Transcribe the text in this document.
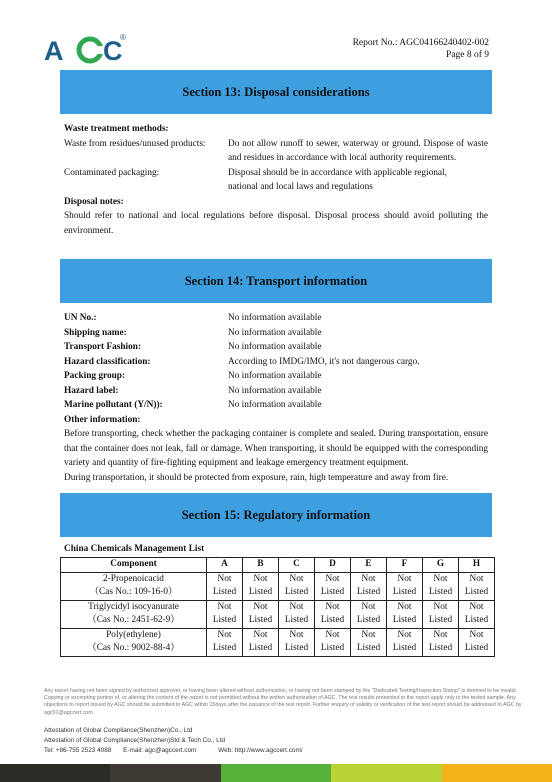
A C
®
Report No.: AGC04166240402-002
Page 8 of 9
Section 13: Disposal considerations
Waste treatment methods:
Waste from residues/unused products:	Do not allow runoff to sewer, waterway or ground. Dispose of waste and residues in accordance with local authority requirements.
Contaminated packaging:	Disposal should be in accordance with applicable regional,
national and local laws and regulations
Disposal notes:
Should refer to national and local regulations before disposal. Disposal process should avoid polluting the environment.
Section 14: Transport information
UN No.:	No information available
Shipping name:	No information available
Transport Fashion:	No information available
Hazard classification:	According to IMDG/IMO, it's not dangerous cargo.
Packing group:	No information available
Hazard label:	No information available
Marine pollutant (Y/N)):	No information available
Other information:
Before transporting, check whether the packaging container is complete and sealed. During transportation, ensure that the container does not leak, fall or damage. When transporting, it should be equipped with the corresponding variety and quantity of fire-fighting equipment and leakage emergency treatment equipment.
During transportation, it should be protected from exposure, rain, high temperature and away from fire.
Section 15: Regulatory information
China Chemicals Management List
Component	A	B	C	D	E	F	G	H
2-Propenoicacid	Not	Not	Not	Not	Not	Not	Not	Not
（Cas No.: 109-16-0）	Listed	Listed	Listed	Listed	Listed	Listed	Listed	Listed
Triglycidyl isocyanurate	Not	Not	Not	Not	Not	Not	Not	Not
（Cas No.: 2451-62-9）	Listed	Listed	Listed	Listed	Listed	Listed	Listed	Listed
Poly(ethylene)	Not	Not	Not	Not	Not	Not	Not	Not
（Cas No.: 9002-88-4）	Listed	Listed	Listed	Listed	Listed	Listed	Listed	Listed
Any report having not been signed by authorized approver, or having been altered without authorization, or having not been stamped by the "Dedicated Testing/Inspection Stamp" is deemed to be invalid. Copying or excerpting portion of, or altering the content of the report is not permitted without the written authorization of AGC. The test results presented in the report apply only to the tested sample. Any objections to report issued by AGC should be submitted to AGC within 15days after the issuance of the test report. Further enquiry of validity or verification of the test report should be addressed to AGC by agc01@agccert.com.
Attestation of Global Compliance(Shenzhen)Co., Ltd
Attestation of Global Compliance(Shenzhen)Std & Tech Co., Ltd
Tel: +86-755 2523 4088 E-mail: agc@agccert.com	Web: http://www.agccert.com/
